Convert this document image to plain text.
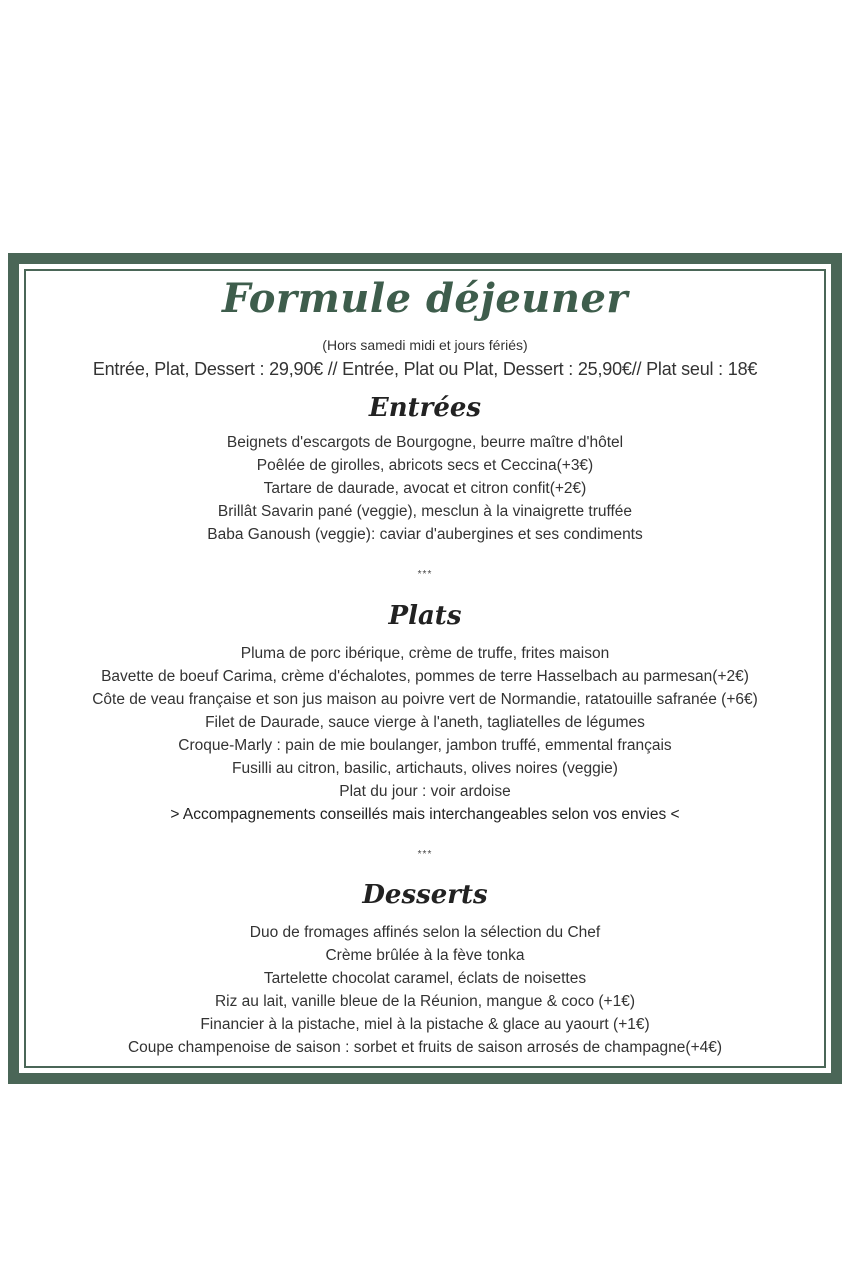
Formule déjeuner
(Hors samedi midi et jours fériés)
Entrée, Plat, Dessert : 29,90€ // Entrée, Plat ou Plat, Dessert : 25,90€// Plat seul : 18€
Entrées
Beignets d'escargots de Bourgogne, beurre maître d'hôtel
Poêlée de girolles, abricots secs et Ceccina(+3€)
Tartare de daurade, avocat et citron confit(+2€)
Brillât Savarin pané (veggie), mesclun à la vinaigrette truffée
Baba Ganoush (veggie): caviar d'aubergines et ses condiments
***
Plats
Pluma de porc ibérique, crème de truffe, frites maison
Bavette de boeuf Carima, crème d'échalotes, pommes de terre Hasselbach au parmesan(+2€)
Côte de veau française et son jus maison au poivre vert de Normandie, ratatouille safranée (+6€)
Filet de Daurade, sauce vierge à l'aneth, tagliatelles de légumes
Croque-Marly : pain de mie boulanger, jambon truffé, emmental français
Fusilli au citron, basilic, artichauts, olives noires (veggie)
Plat du jour : voir ardoise
> Accompagnements conseillés mais interchangeables selon vos envies <
***
Desserts
Duo de fromages affinés selon la sélection du Chef
Crème brûlée à la fève tonka
Tartelette chocolat caramel, éclats de noisettes
Riz au lait, vanille bleue de la Réunion, mangue & coco (+1€)
Financier à la pistache, miel à la pistache & glace au yaourt (+1€)
Coupe champenoise de saison : sorbet et fruits de saison arrosés de champagne(+4€)
